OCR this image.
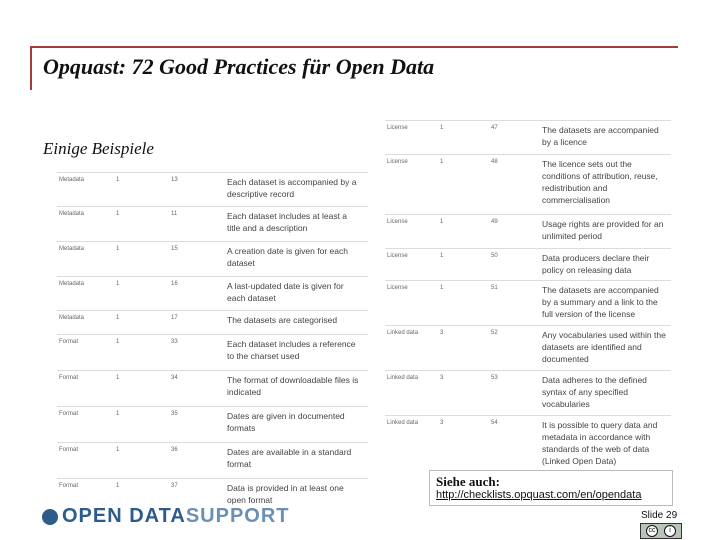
Opquast: 72 Good Practices für Open Data
License	1	47	The datasets are accompanied by a licence
License	1	48	The licence sets out the conditions of attribution, reuse, redistribution and commercialisation
License	1	49	Usage rights are provided for an unlimited period
License	1	50	Data producers declare their policy on releasing data
License	1	51	The datasets are accompanied by a summary and a link to the full version of the license
Linked data	3	52	Any vocabularies used within the datasets are identified and documented
Linked data	3	53	Data adheres to the defined syntax of any specified vocabularies
Linked data	3	54	It is possible to query data and metadata in accordance with standards of the web of data (Linked Open Data)
Einige Beispiele
Metadata	1	13	Each dataset is accompanied by a descriptive record
Metadata	1	11	Each dataset includes at least a title and a description
Metadata	1	15	A creation date is given for each dataset
Metadata	1	16	A last-updated date is given for each dataset
Metadata	1	17	The datasets are categorised
Format	1	33	Each dataset includes a reference to the charset used
Format	1	34	The format of downloadable files is indicated
Format	1	35	Dates are given in documented formats
Format	1	36	Dates are available in a standard format
Format	1	37	Data is provided in at least one open format
Siehe auch:
http://checklists.opquast.com/en/opendata
OPEN DATASUPPORT	Slide 29
cc	i
